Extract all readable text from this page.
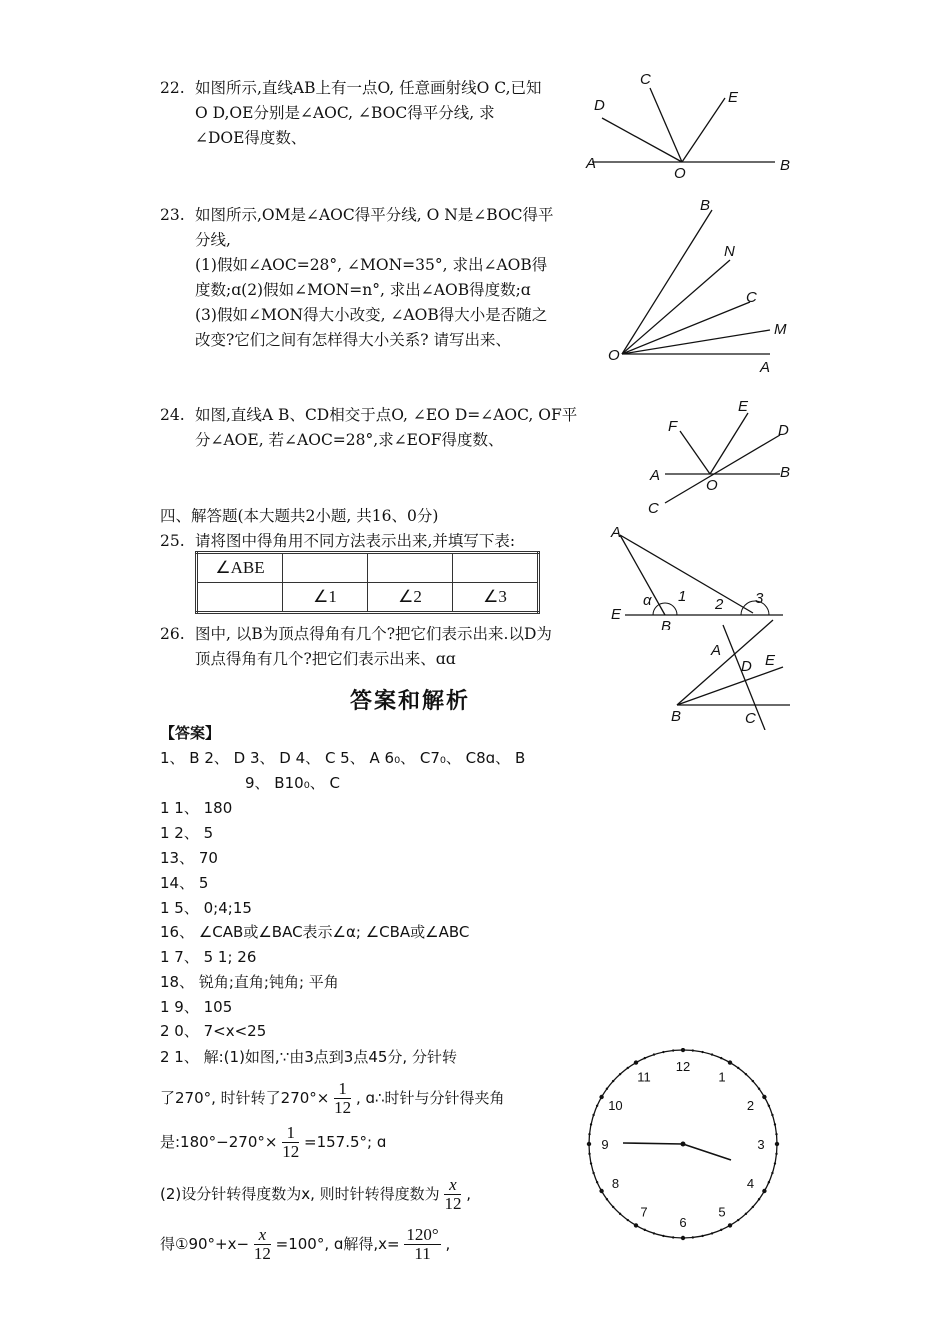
22. 如图所示,直线AB上有一点O, 任意画射线O C,已知
O D,OE分别是∠AOC, ∠BOC得平分线, 求
∠DOE得度数、
A
O	B
C
D	E
23. 如图所示,OM是∠AOC得平分线, O N是∠BOC得平
分线,
(1)假如∠AOC=28°, ∠MON=35°, 求出∠AOB得
度数;ɑ(2)假如∠MON=n°, 求出∠AOB得度数;ɑ
(3)假如∠MON得大小改变, ∠AOB得大小是否随之
改变?它们之间有怎样得大小关系? 请写出来、
B
N
C
M
O
A
24. 如图,直线A B、CD相交于点O, ∠EO D=∠AOC, OF平
分∠AOE, 若∠AOC=28°,求∠EOF得度数、
F
E
D
A
O
B
C
四、解答题(本大题共2小题, 共16、0分)
25. 请将图中得角用不同方法表示出来,并填写下表:
∠ABE			
	∠1	∠2	∠3
A
E
B
α 1 2 3
26. 图中, 以B为顶点得角有几个?把它们表示出来.以D为
顶点得角有几个?把它们表示出来、ɑɑ	A
D E
B	C
答案和解析
【答案】
1、 B 2、 D 3、 D 4、 C 5、 A 6₀、 C7₀、 C8ɑ、 B
9、 B10₀、 C
1 1、 180
1 2、 5
13、 70
14、 5
1 5、 0;4;15
16、 ∠CAB或∠BAC表示∠α; ∠CBA或∠ABC
1 7、 5 1; 26
18、 锐角;直角;钝角; 平角
1 9、 105
2 0、 7<x<25
2 1、 解:(1)如图,∵由3点到3点45分, 分针转
了270°, 时针转了$270^\circ\times \frac{1}{12}$ , ɑ∴时针与分针得夹角
是:180°−270°× $\frac{1}{12} =157.5^\circ$; ɑ
(2)设分针转得度数为x, 则时针转得度数为 $\frac{x}{12}$ ,
得①90°+x− $\frac{x}{12} =100^\circ$, ɑ解得$,x= \frac{120^\circ}{11}$ ,
12
1
2
3
4
5
6
7
8
9
10
11
